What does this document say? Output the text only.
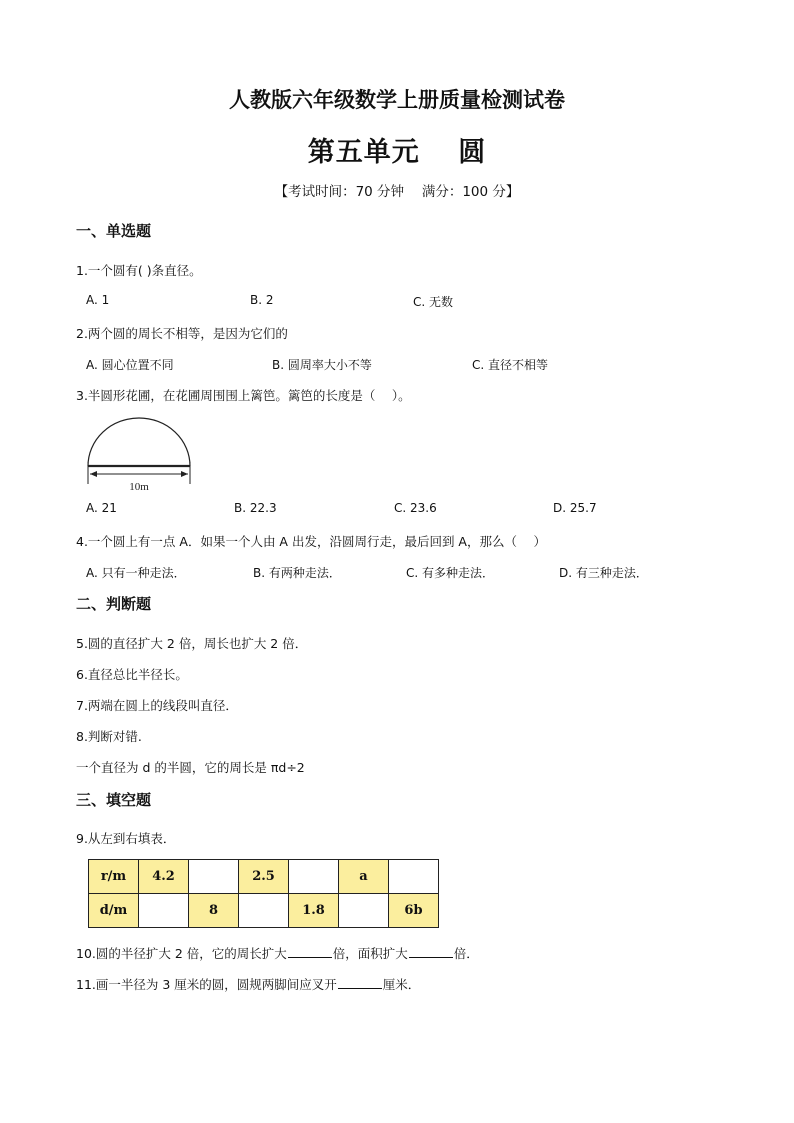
人教版六年级数学上册质量检测试卷
第五单元　 圆
【考试时间：70 分钟　 满分：100 分】
一、单选题
1.一个圆有( )条直径。
A. 1	B. 2	C. 无数
2.两个圆的周长不相等，是因为它们的
A. 圆心位置不同	B. 圆周率大小不等	C. 直径不相等
3.半圆形花圃，在花圃周围围上篱笆。篱笆的长度是（　 ）。
10m
A. 21	B. 22.3	C. 23.6	D. 25.7
4.一个圆上有一点 A．如果一个人由 A 出发，沿圆周行走，最后回到 A，那么（　 ）
A. 只有一种走法．	B. 有两种走法．	C. 有多种走法．	D. 有三种走法．
二、判断题
5.圆的直径扩大 2 倍，周长也扩大 2 倍．
6.直径总比半径长。
7.两端在圆上的线段叫直径．
8.判断对错.
一个直径为 d 的半圆，它的周长是 πd÷2
三、填空题
9.从左到右填表．
r/m	4.2		2.5		a	
d/m		8		1.8		6b
10.圆的半径扩大 2 倍，它的周长扩大	倍，面积扩大	倍．
11.画一半径为 3 厘米的圆，圆规两脚间应叉开	厘米．
